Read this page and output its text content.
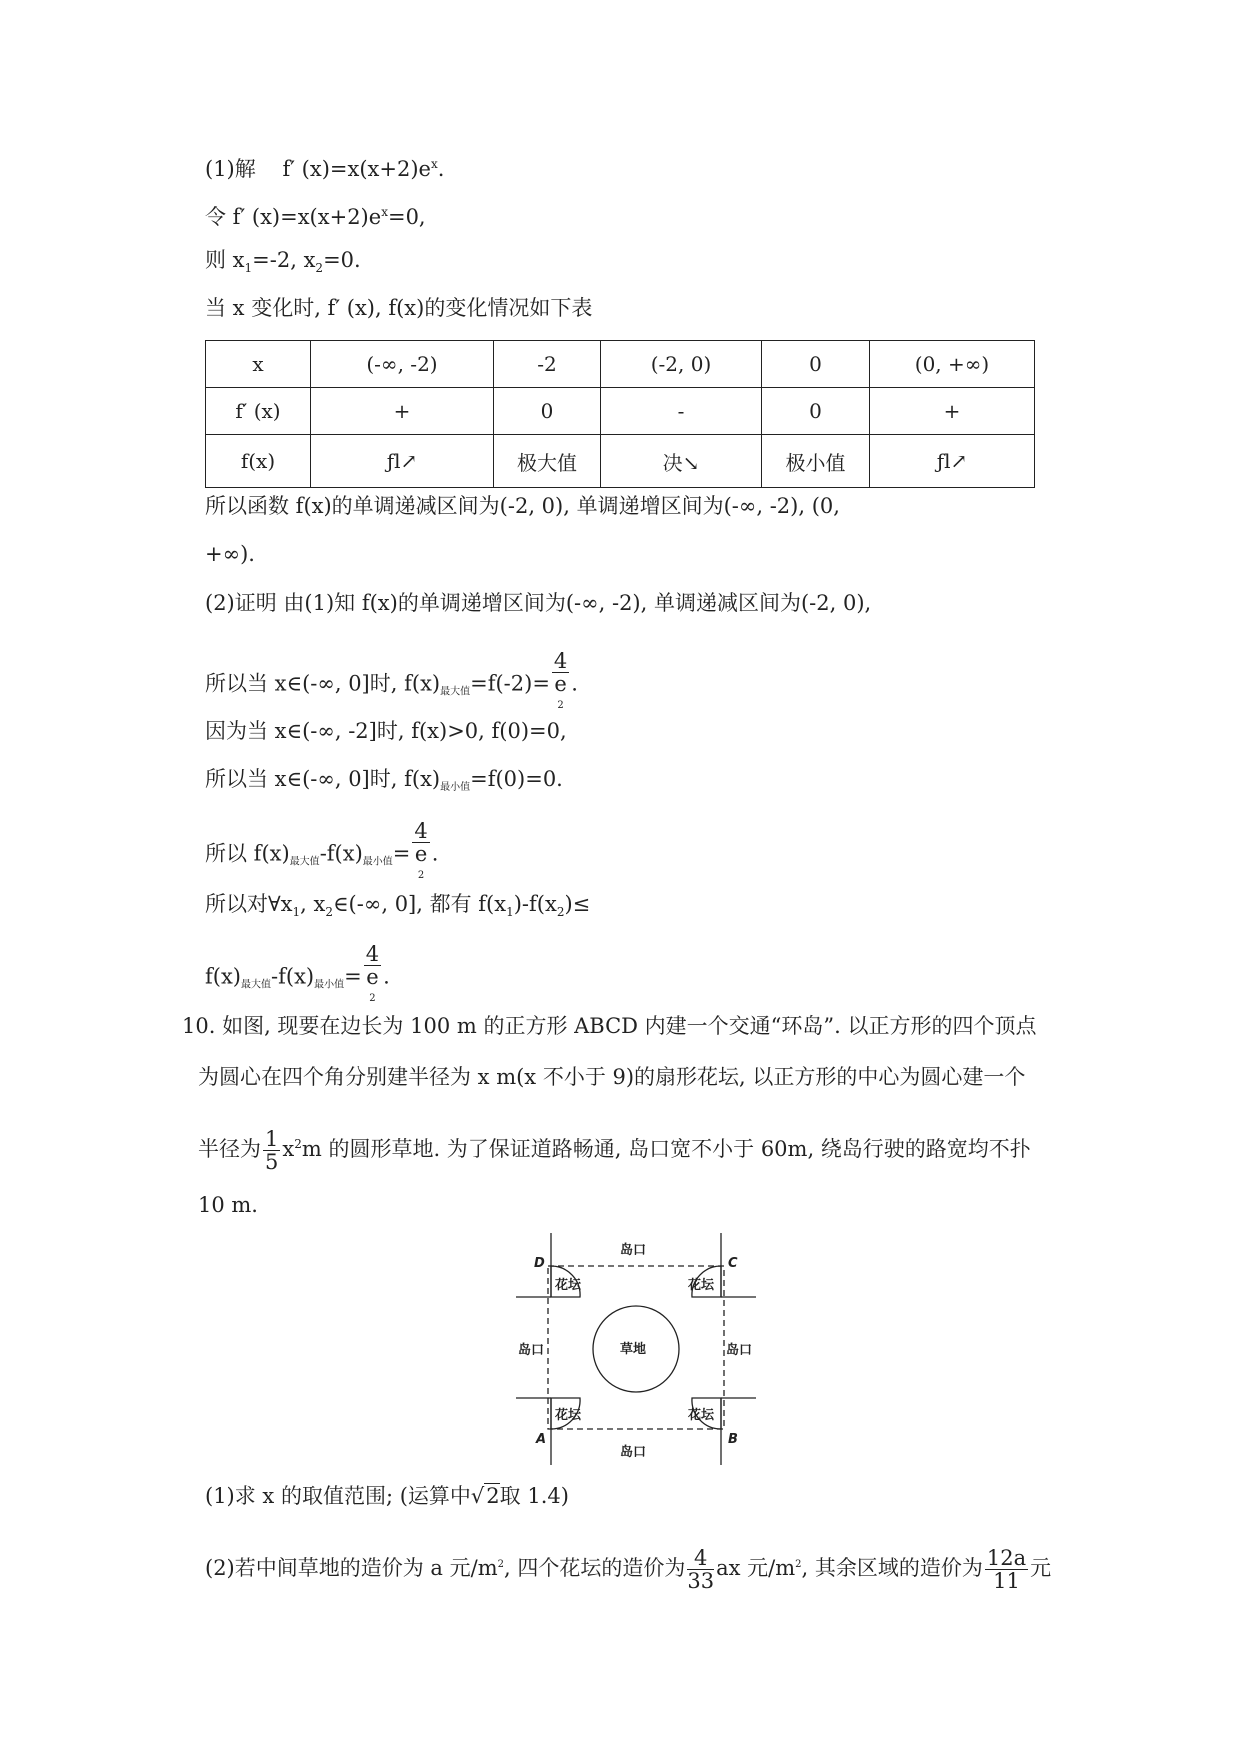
(1)解 f′ $(x)=x(x+2)e^x$.
令 f′ $(x)=x(x+2)e^x=0$,
则 $x_1=-2$, $x_2=0$.
当 x 变化时, f′ (x), f(x)的变化情况如下表
x	(-∞, -2)	-2	(-2, 0)	0	(0, +∞)
f′ (x)	+	0	-	0	+
f(x)	ƒl↗	极大值	决↘	极小值	ƒl↗
所以函数 f(x)的单调递减区间为(-2, 0), 单调递增区间为(-∞, -2), (0,
+∞).
(2)证明 由(1)知 f(x)的单调递增区间为(-∞, -2), 单调递减区间为(-2, 0),
所以当 x∈(-∞, 0]时, f(x)最大值=f(-2)= 4
e
$^2$ .
因为当 x∈(-∞, -2]时, f(x)>0, f(0)=0,
所以当 x∈(-∞, 0]时, f(x)最小值=f(0)=0.
所以 f(x)最大值-f(x)最小值= 4
e
$^2$ .
所以对$\forall x_1$, $x_2\in(-\infty$, 0], 都有 $f(x_1)-f(x_2)\le$
f(x)最大值-f(x)最小值= 4
e
$^2$ .
10. 如图, 现要在边长为 100 m 的正方形 ABCD 内建一个交通“环岛”. 以正方形的四个顶点
为圆心在四个角分别建半径为 x m(x 不小于 9)的扇形花坛, 以正方形的中心为圆心建一个
半径为 $\frac{1}{5} x^2m$ 的圆形草地. 为了保证道路畅通, 岛口宽不小于 60m, 绕岛行驶的路宽均不扑
10 m.
D	C
A	B
岛口
岛口
岛口	岛口
花坛	花坛
花坛	花坛
草地
(1)求 x 的取值范围; (运算中√2取 1.4)
(2)若中间草地的造价为 a 元$/m^2$, 四个花坛的造价为 $\frac{4}{33}$ ax 元$/m^2$, 其余区域的造价为 $\frac{12a}{11}$ 元
